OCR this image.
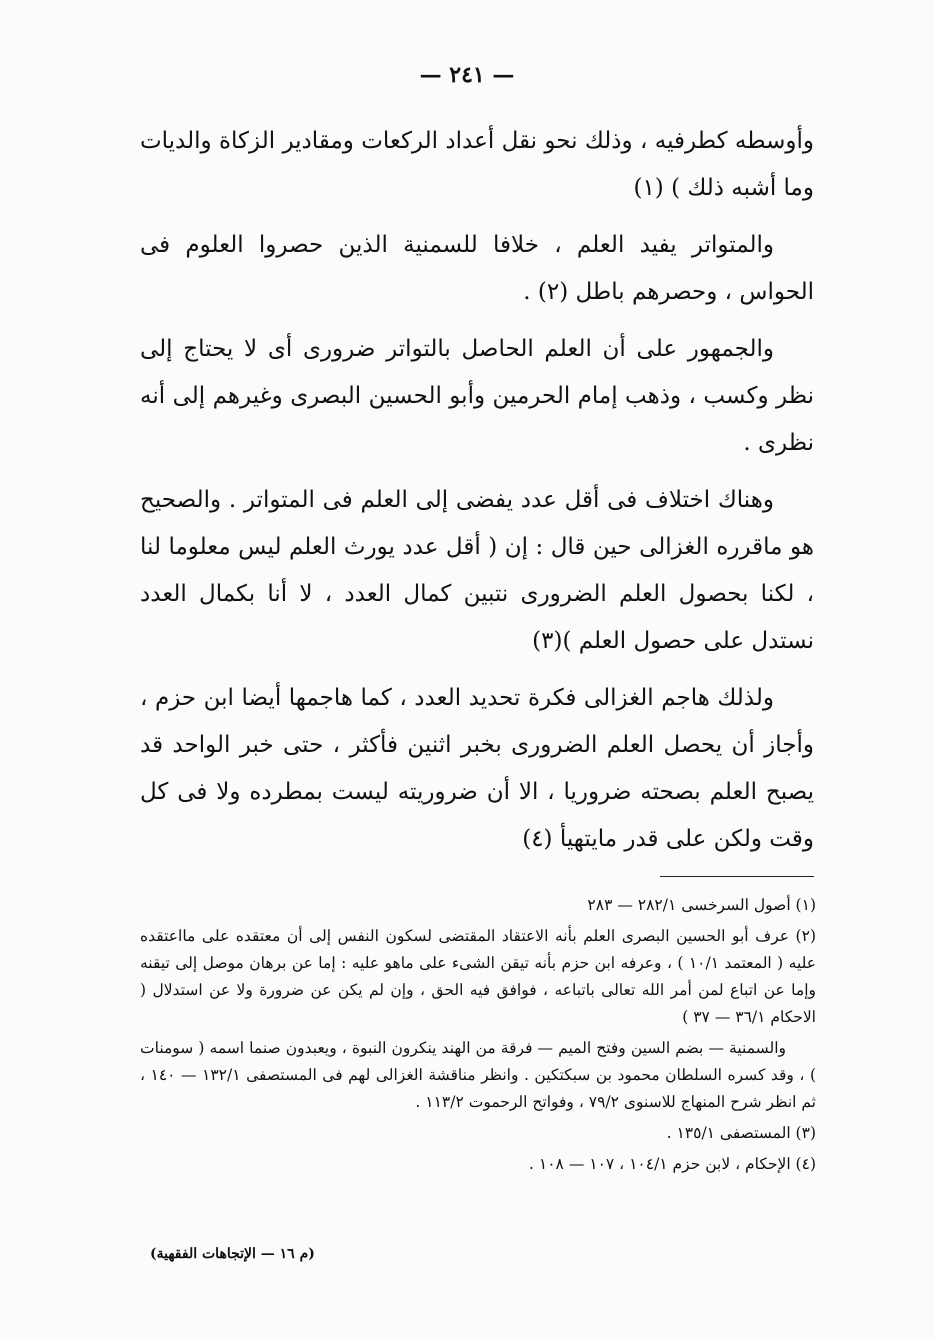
— ٢٤١ —

وأوسطه كطرفيه ، وذلك نحو نقل أعداد الركعات ومقادير الزكاة والديات وما أشبه ذلك ) (١)

والمتواتر يفيد العلم ، خلافا للسمنية الذين حصروا العلوم فى الحواس ، وحصرهم باطل (٢) .

والجمهور على أن العلم الحاصل بالتواتر ضرورى أى لا يحتاج إلى نظر وكسب ، وذهب إمام الحرمين وأبو الحسين البصرى وغيرهم إلى أنه نظرى .

وهناك اختلاف فى أقل عدد يفضى إلى العلم فى المتواتر . والصحيح هو ماقرره الغزالى حين قال : إن ( أقل عدد يورث العلم ليس معلوما لنا ، لكنا بحصول العلم الضرورى نتبين كمال العدد ، لا أنا بكمال العدد نستدل على حصول العلم )(٣)

ولذلك هاجم الغزالى فكرة تحديد العدد ، كما هاجمها أيضا ابن حزم ، وأجاز أن يحصل العلم الضرورى بخبر اثنين فأكثر ، حتى خبر الواحد قد يصبح العلم بصحته ضروريا ، الا أن ضروريته ليست بمطرده ولا فى كل وقت ولكن على قدر مايتهيأ (٤)

(١) أصول السرخسى ٢٨٢/١ — ٢٨٣

(٢) عرف أبو الحسين البصرى العلم بأنه الاعتقاد المقتضى لسكون النفس إلى أن معتقده على مااعتقده عليه ( المعتمد ١٠/١ ) ، وعرفه ابن حزم بأنه تيقن الشىء على ماهو عليه : إما عن برهان موصل إلى تيقنه وإما عن اتباع لمن أمر الله تعالى باتباعه ، فوافق فيه الحق ، وإن لم يكن عن ضرورة ولا عن استدلال ( الاحكام ٣٦/١ — ٣٧ )

والسمنية — بضم السين وفتح الميم — فرقة من الهند ينكرون النبوة ، ويعبدون صنما اسمه ( سومنات ) ، وقد كسره السلطان محمود بن سبكتكين . وانظر مناقشة الغزالى لهم فى المستصفى ١٣٢/١ — ١٤٠ ، ثم انظر شرح المنهاج للاسنوى ٧٩/٢ ، وفواتح الرحموت ١١٣/٢ .

(٣) المستصفى ١٣٥/١ .

(٤) الإحكام ، لابن حزم ١٠٤/١ ، ١٠٧ — ١٠٨ .

(م ١٦ — الإتجاهات الفقهية)
